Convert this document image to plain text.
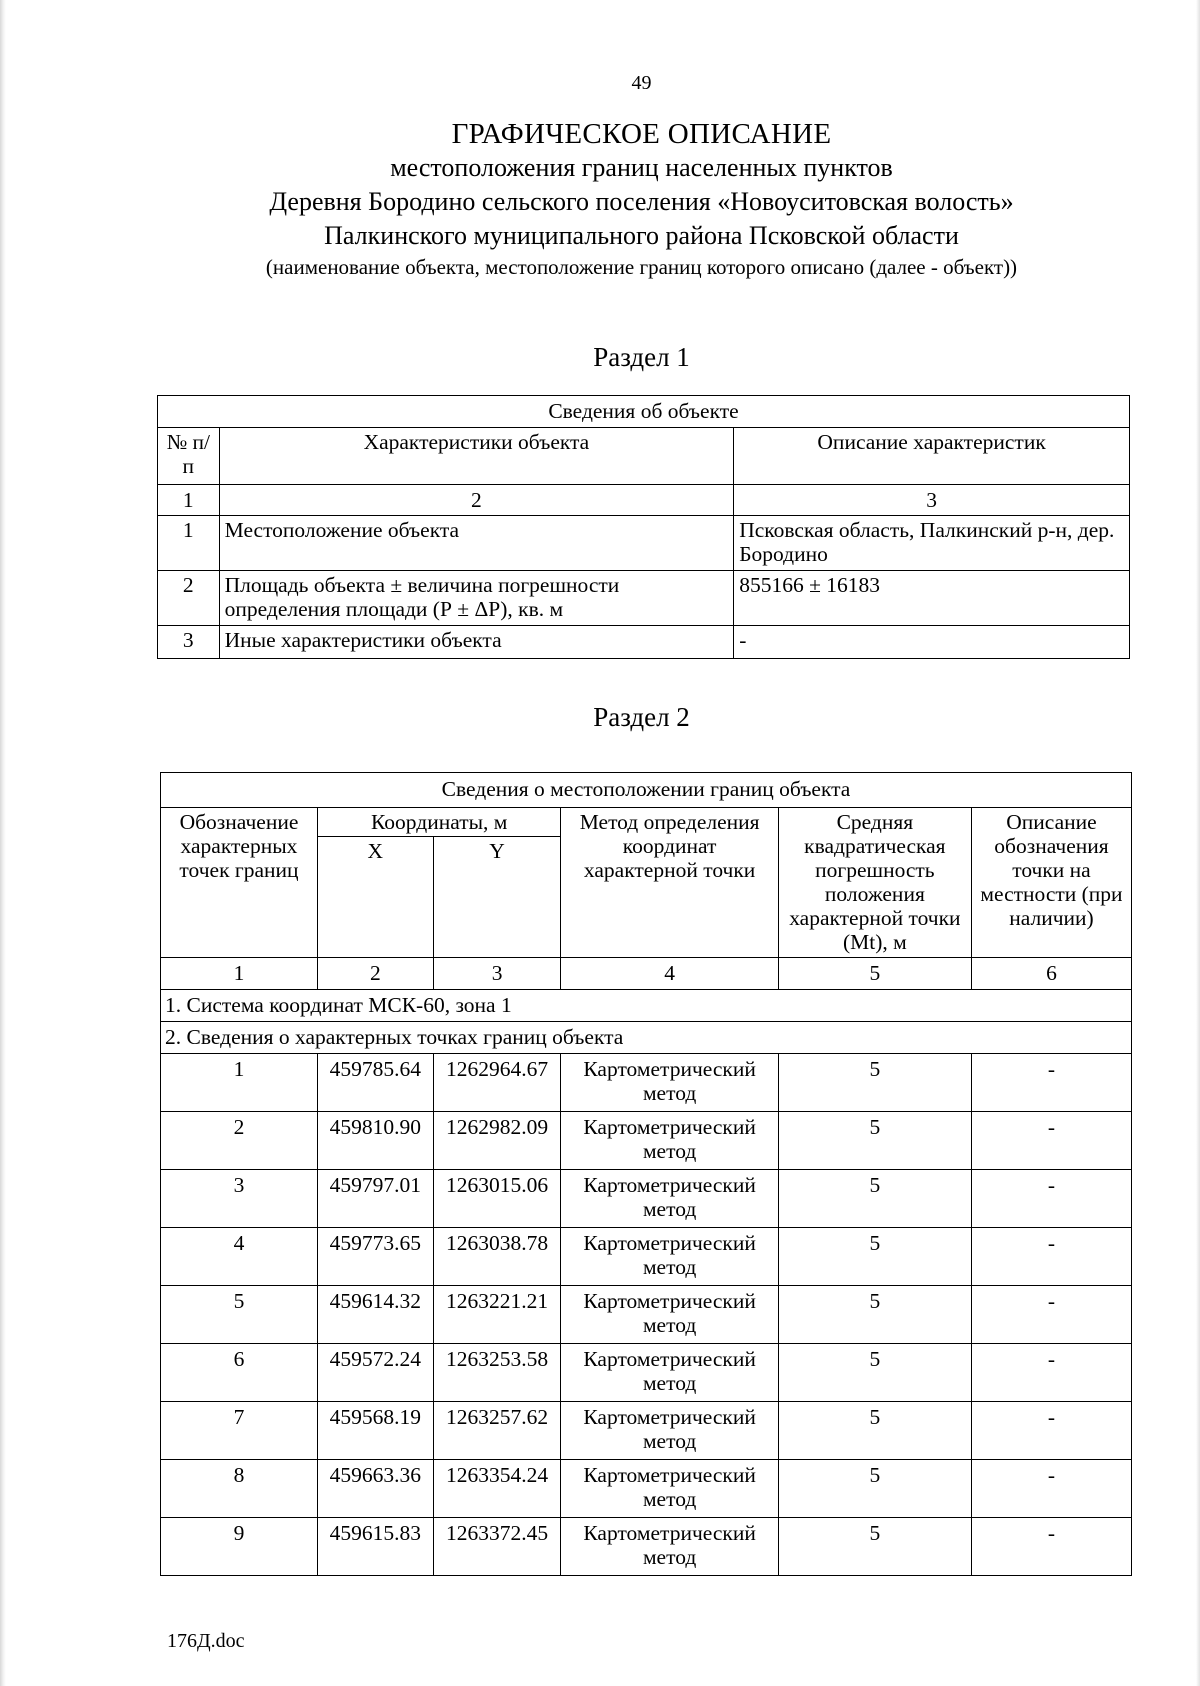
49
ГРАФИЧЕСКОЕ ОПИСАНИЕ
местоположения границ населенных пунктов
Деревня Бородино сельского поселения «Новоуситовская волость»
Палкинского муниципального района Псковской области
(наименование объекта, местоположение границ которого описано (далее - объект))
Раздел 1
Сведения об объекте		
№ п/п	Характеристики объекта	Описание характеристик
1	2	3
1	Местоположение объекта	Псковская область, Палкинский р-н, дер. Бородино
2	Площадь объекта ± величина погрешности определения площади (Р ± ΔР), кв. м	855166 ± 16183
3	Иные характеристики объекта	-
Раздел 2
Сведения о местоположении границ объекта					
Обозначение характерных точек границ	Координаты, м		Метод определения координат характерной точки	Средняя квадратическая погрешность положения характерной точки (Mt), м	Описание обозначения точки на местности (при наличии)
	X	Y			
1	2	3	4	5	6
1. Система координат МСК-60, зона 1					
2. Сведения о характерных точках границ объекта					
1	459785.64	1262964.67	Картометрический метод	5	-
2	459810.90	1262982.09	Картометрический метод	5	-
3	459797.01	1263015.06	Картометрический метод	5	-
4	459773.65	1263038.78	Картометрический метод	5	-
5	459614.32	1263221.21	Картометрический метод	5	-
6	459572.24	1263253.58	Картометрический метод	5	-
7	459568.19	1263257.62	Картометрический метод	5	-
8	459663.36	1263354.24	Картометрический метод	5	-
9	459615.83	1263372.45	Картометрический метод	5	-
176Д.doc
